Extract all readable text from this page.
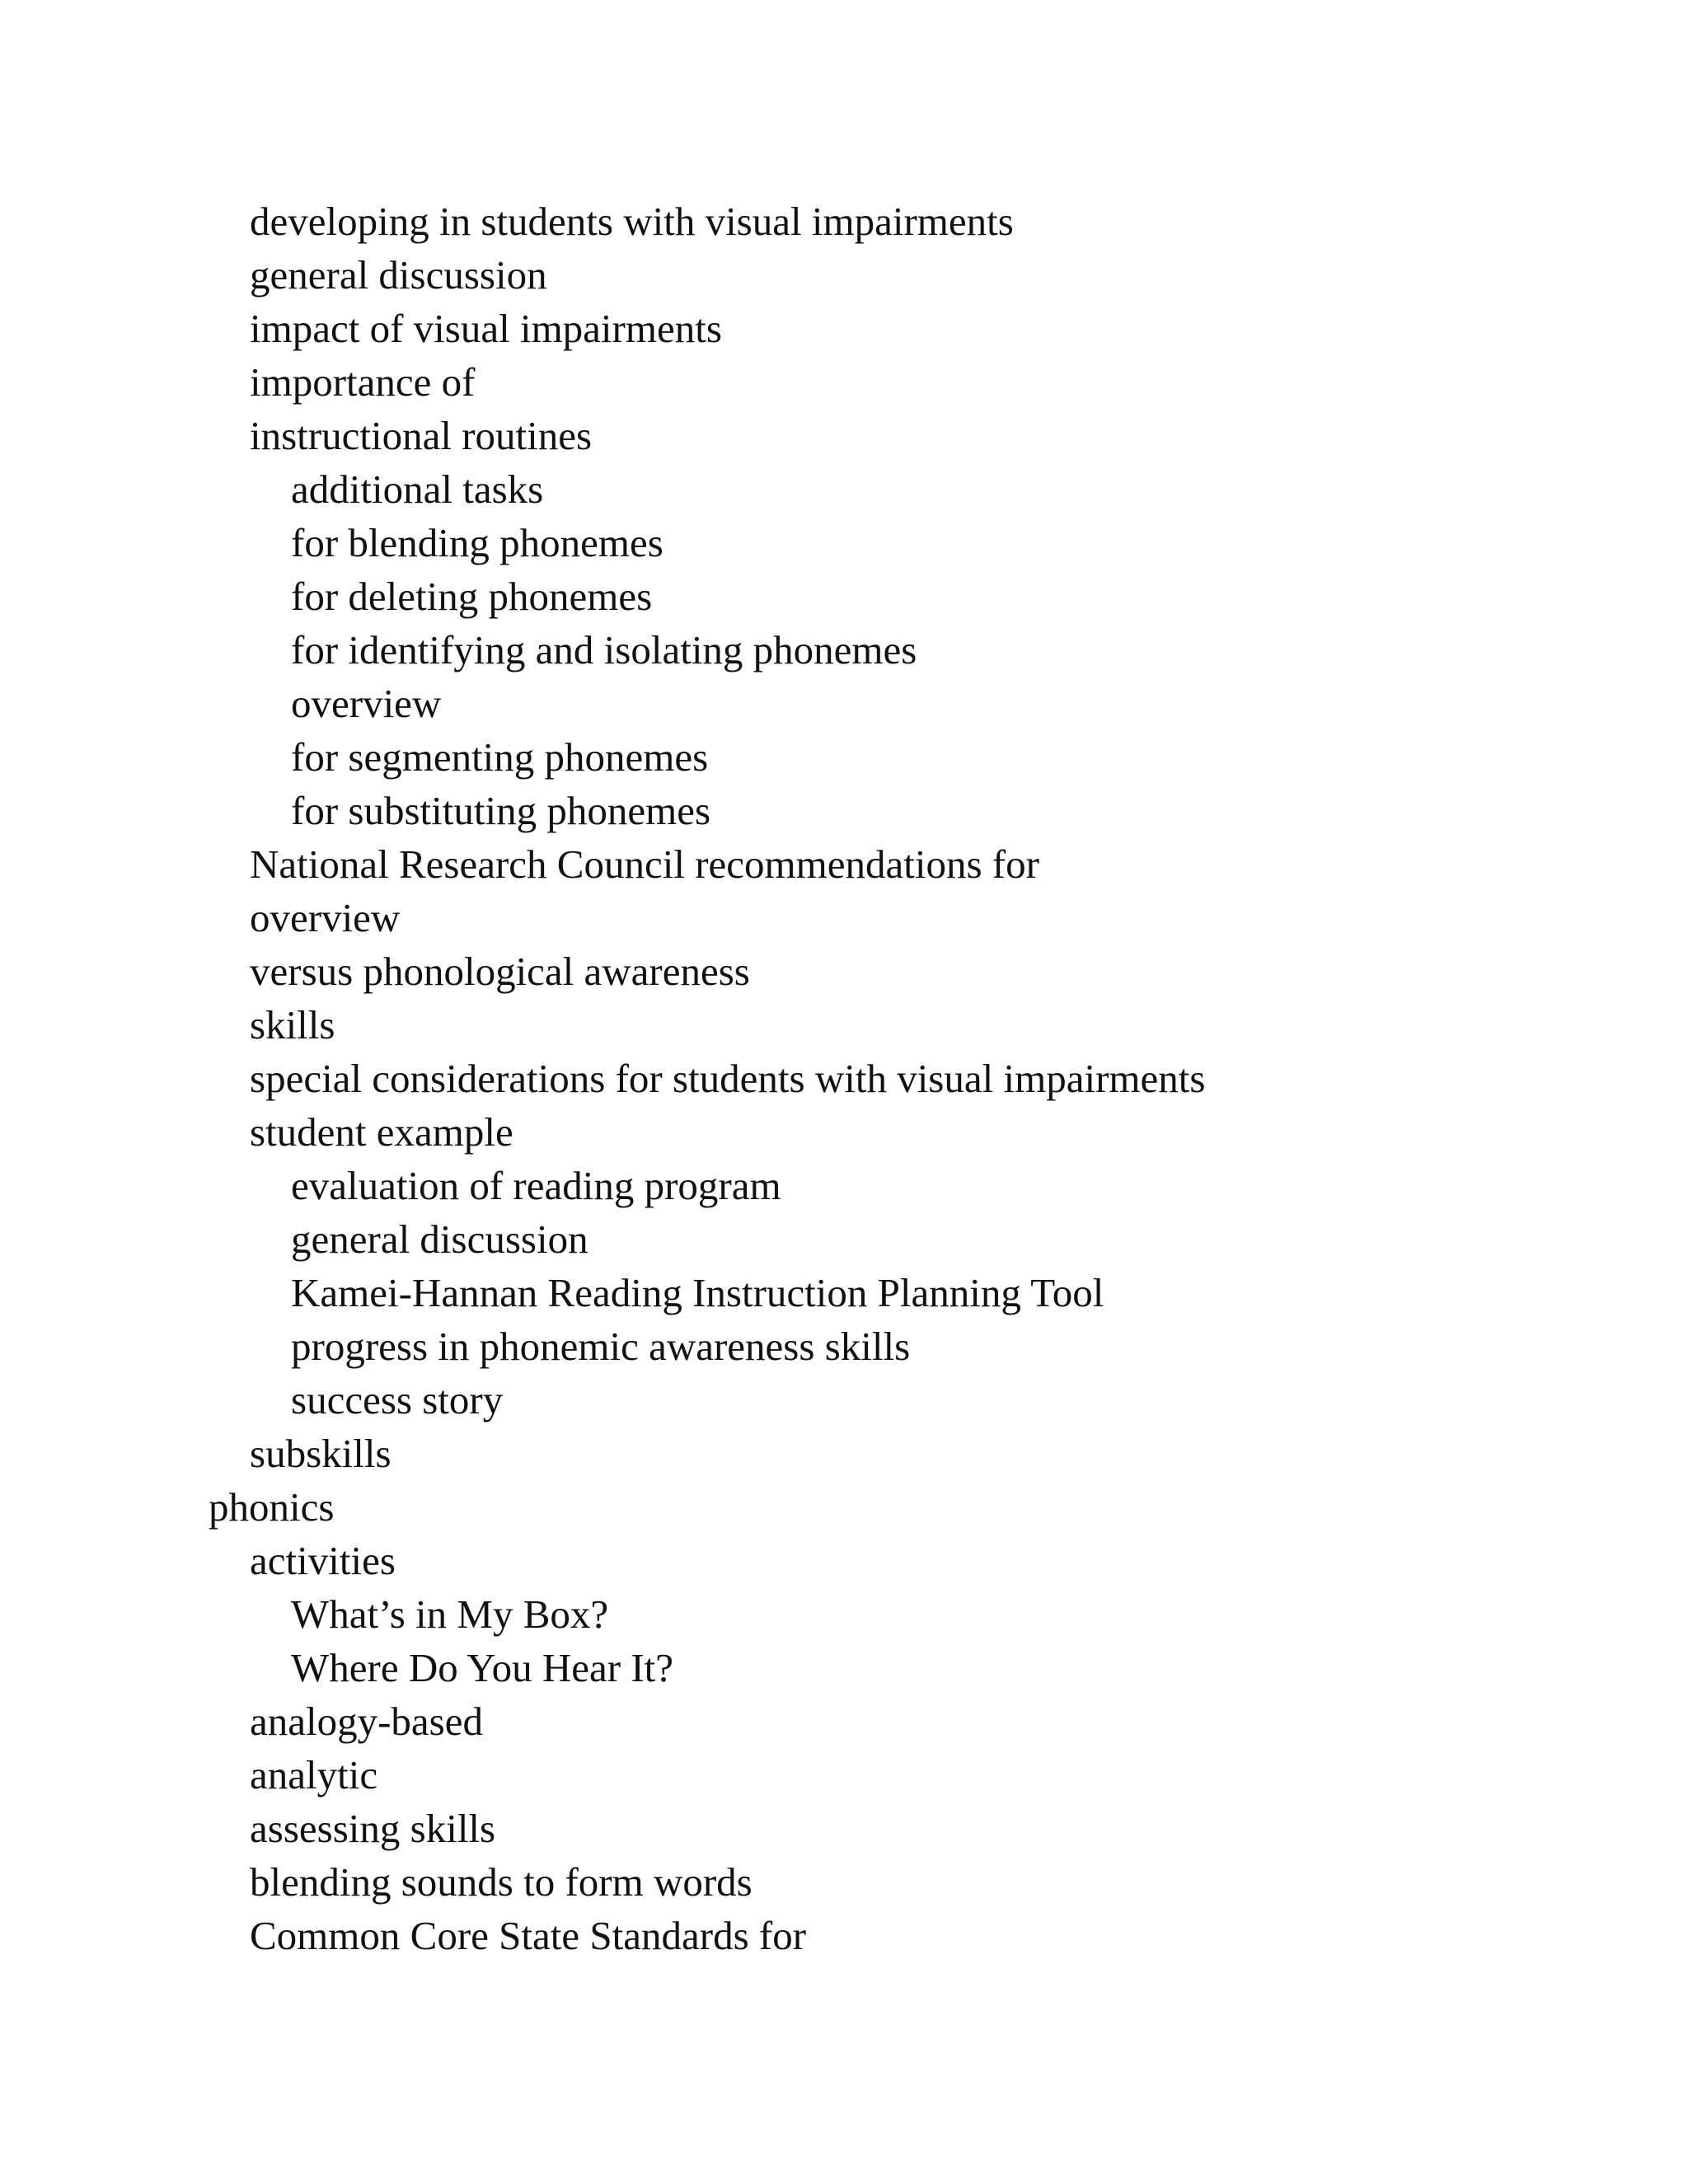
developing in students with visual impairments
general discussion
impact of visual impairments
importance of
instructional routines
additional tasks
for blending phonemes
for deleting phonemes
for identifying and isolating phonemes
overview
for segmenting phonemes
for substituting phonemes
National Research Council recommendations for
overview
versus phonological awareness
skills
special considerations for students with visual impairments
student example
evaluation of reading program
general discussion
Kamei-Hannan Reading Instruction Planning Tool
progress in phonemic awareness skills
success story
subskills
phonics
activities
What’s in My Box?
Where Do You Hear It?
analogy-based
analytic
assessing skills
blending sounds to form words
Common Core State Standards for
